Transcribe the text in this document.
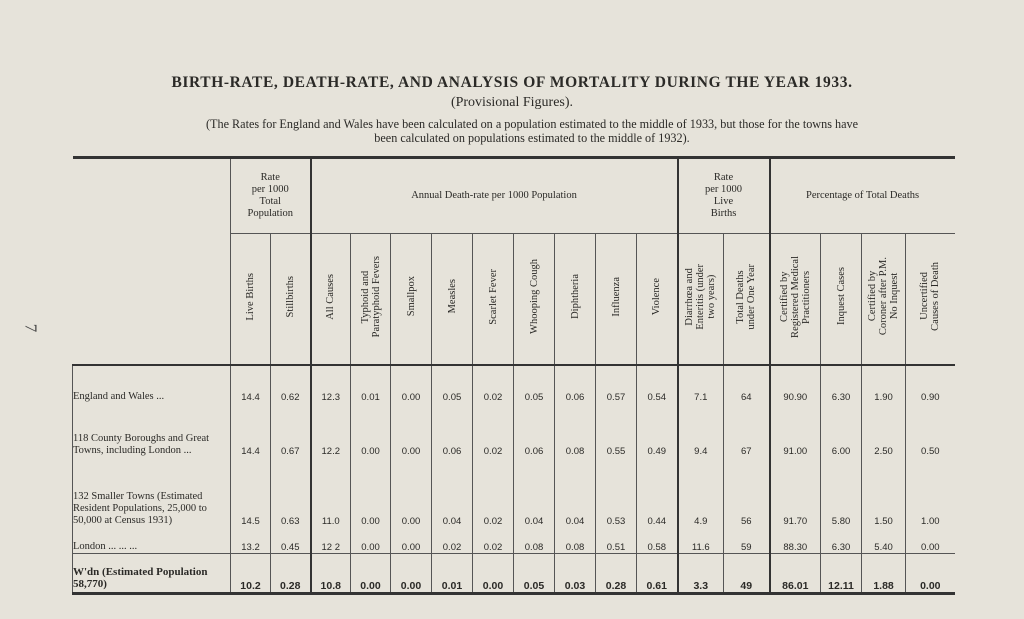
7
BIRTH-RATE, DEATH-RATE, AND ANALYSIS OF MORTALITY DURING THE YEAR 1933.
(Provisional Figures).
(The Rates for England and Wales have been calculated on a population estimated to the middle of 1933, but those for the towns have
been calculated on populations estimated to the middle of 1932).

	Rate
per 1000
Total
Population		Annual Death-rate per 1000 Population									Rate
per 1000
Live
Births		Percentage of Total Deaths			

	Live Births	Stillbirths	All Causes	Typhoid and
Paratyphoid Fevers	Smallpox	Measles	Scarlet Fever	Whooping Cough	Diphtheria	Influenza	Violence	Diarrhœa and
Enteritis (under
two years)	Total Deaths
under One Year	Certified by
Registered Medical
Practitioners	Inquest Cases	Certified by
Coroner after P.M.
No Inquest	Uncertified
Causes of Death
England and Wales ...	14.4	0.62	12.3	0.01	0.00	0.05	0.02	0.05	0.06	0.57	0.54	7.1	64	90.90	6.30	1.90	0.90
118 County Boroughs and Great Towns, including London ...	14.4	0.67	12.2	0.00	0.00	0.06	0.02	0.06	0.08	0.55	0.49	9.4	67	91.00	6.00	2.50	0.50
132 Smaller Towns (Estimated Resident Populations, 25,000 to 50,000 at Census 1931)	14.5	0.63	11.0	0.00	0.00	0.04	0.02	0.04	0.04	0.53	0.44	4.9	56	91.70	5.80	1.50	1.00
London ... ... ...	13.2	0.45	12 2	0.00	0.00	0.02	0.02	0.08	0.08	0.51	0.58	11.6	59	88.30	6.30	5.40	0.00
W'dn (Estimated Population 58,770)	10.2	0.28	10.8	0.00	0.00	0.01	0.00	0.05	0.03	0.28	0.61	3.3	49	86.01	12.11	1.88	0.00
